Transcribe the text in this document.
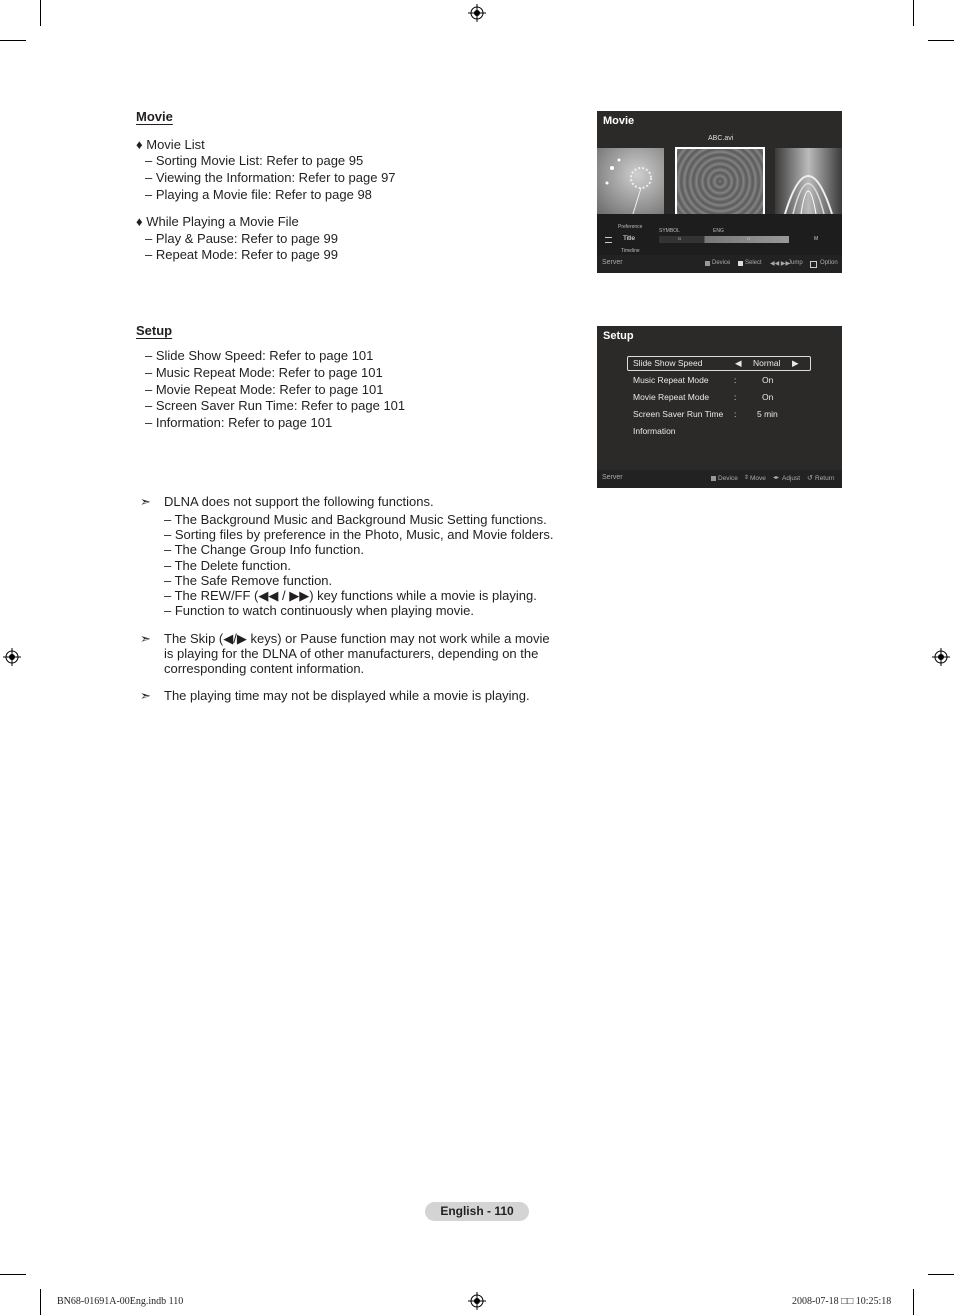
Movie
♦ Movie List
– Sorting Movie List: Refer to page 95
– Viewing the Information: Refer to page 97
– Playing a Movie file: Refer to page 98
♦ While Playing a Movie File
– Play & Pause: Refer to page 99
– Repeat Mode: Refer to page 99
Movie
ABC.avi
Preference
Title
Timeline
SYMBOL	ENG
G	H	M
Server	Device Select ◀◀ ▶▶
Jump	Option
Setup
– Slide Show Speed: Refer to page 101
– Music Repeat Mode: Refer to page 101
– Movie Repeat Mode: Refer to page 101
– Screen Saver Run Time: Refer to page 101
– Information: Refer to page 101
Setup
Slide Show Speed	◀ Normal ▶
Music Repeat Mode	:	On
Movie Repeat Mode	:	On
Screen Saver Run Time : 5 min
Information
Server	Device ⇕ Move ◂▸ Adjust ↺ Return
➣ DLNA does not support the following functions.
– The Background Music and Background Music Setting functions.
– Sorting files by preference in the Photo, Music, and Movie folders.
– The Change Group Info function.
– The Delete function.
– The Safe Remove function.
– The REW/FF (◀◀ / ▶▶) key functions while a movie is playing.
– Function to watch continuously when playing movie.
➣ The Skip (◀/▶ keys) or Pause function may not work while a movie
is playing for the DLNA of other manufacturers, depending on the
corresponding content information.
➣ The playing time may not be displayed while a movie is playing.
English - 110
BN68-01691A-00Eng.indb 110	2008-07-18 □□ 10:25:18
